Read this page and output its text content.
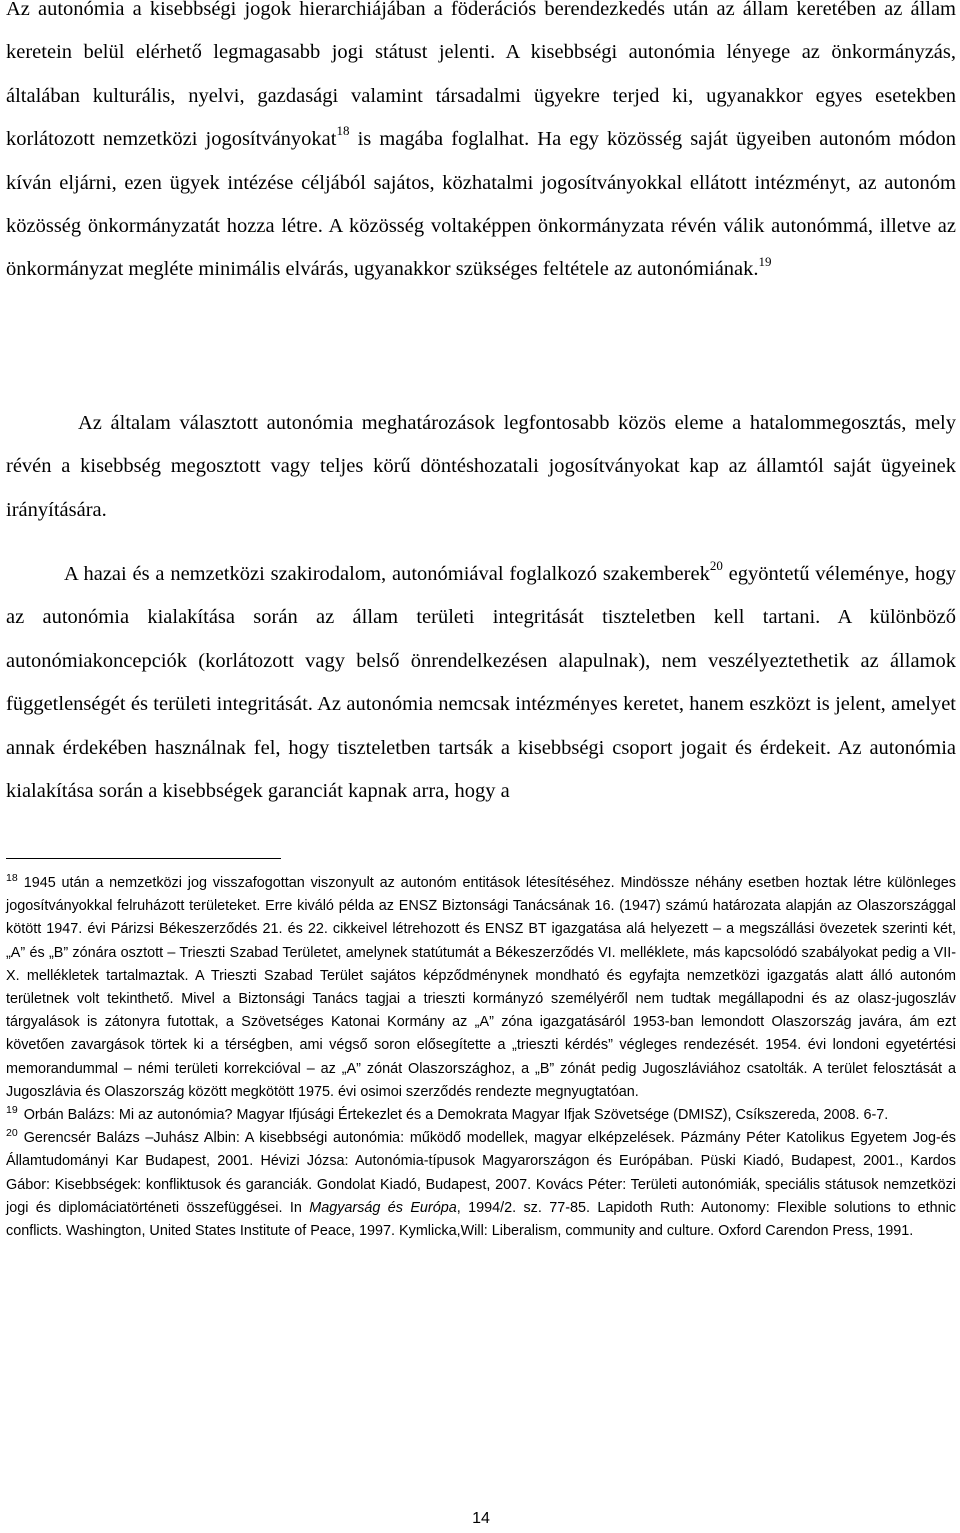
Az autonómia a kisebbségi jogok hierarchiájában a föderációs berendezkedés után az állam keretében az állam keretein belül elérhető legmagasabb jogi státust jelenti. A kisebbségi autonómia lényege az önkormányzás, általában kulturális, nyelvi, gazdasági valamint társadalmi ügyekre terjed ki, ugyanakkor egyes esetekben korlátozott nemzetközi jogosítványokat$^{18}$ is magába foglalhat. Ha egy közösség saját ügyeiben autonóm módon kíván eljárni, ezen ügyek intézése céljából sajátos, közhatalmi jogosítványokkal ellátott intézményt, az autonóm közösség önkormányzatát hozza létre. A közösség voltaképpen önkormányzata révén válik autonómmá, illetve az önkormányzat megléte minimális elvárás, ugyanakkor szükséges feltétele az autonómiának.$^{19}$

Az általam választott autonómia meghatározások legfontosabb közös eleme a hatalommegosztás, mely révén a kisebbség megosztott vagy teljes körű döntéshozatali jogosítványokat kap az államtól saját ügyeinek irányítására.

A hazai és a nemzetközi szakirodalom, autonómiával foglalkozó szakemberek$^{20}$ egyöntetű véleménye, hogy az autonómia kialakítása során az állam területi integritását tiszteletben kell tartani. A különböző autonómiakoncepciók (korlátozott vagy belső önrendelkezésen alapulnak), nem veszélyeztethetik az államok függetlenségét és területi integritását. Az autonómia nemcsak intézményes keretet, hanem eszközt is jelent, amelyet annak érdekében használnak fel, hogy tiszteletben tartsák a kisebbségi csoport jogait és érdekeit. Az autonómia kialakítása során a kisebbségek garanciát kapnak arra, hogy a

$^{18}$ 1945 után a nemzetközi jog visszafogottan viszonyult az autonóm entitások létesítéséhez. Mindössze néhány esetben hoztak létre különleges jogosítványokkal felruházott területeket. Erre kiváló példa az ENSZ Biztonsági Tanácsának 16. (1947) számú határozata alapján az Olaszországgal kötött 1947. évi Párizsi Békeszerződés 21. és 22. cikkeivel létrehozott és ENSZ BT igazgatása alá helyezett – a megszállási övezetek szerinti két, „A” és „B” zónára osztott – Trieszti Szabad Területet, amelynek statútumát a Békeszerződés VI. melléklete, más kapcsolódó szabályokat pedig a VII-X. mellékletek tartalmaztak. A Trieszti Szabad Terület sajátos képződménynek mondható és egyfajta nemzetközi igazgatás alatt álló autonóm területnek volt tekinthető. Mivel a Biztonsági Tanács tagjai a trieszti kormányzó személyéről nem tudtak megállapodni és az olasz-jugoszláv tárgyalások is zátonyra futottak, a Szövetséges Katonai Kormány az „A” zóna igazgatásáról 1953-ban lemondott Olaszország javára, ám ezt követően zavargások törtek ki a térségben, ami végső soron elősegítette a „trieszti kérdés” végleges rendezését. 1954. évi londoni egyetértési memorandummal – némi területi korrekcióval – az „A” zónát Olaszországhoz, a „B” zónát pedig Jugoszláviához csatolták. A terület felosztását a Jugoszlávia és Olaszország között megkötött 1975. évi osimoi szerződés rendezte megnyugtatóan.

$^{19}$ Orbán Balázs: Mi az autonómia? Magyar Ifjúsági Értekezlet és a Demokrata Magyar Ifjak Szövetsége (DMISZ), Csíkszereda, 2008. 6-7.

$^{20}$ Gerencsér Balázs –Juhász Albin: A kisebbségi autonómia: működő modellek, magyar elképzelések. Pázmány Péter Katolikus Egyetem Jog-és Államtudományi Kar Budapest, 2001. Hévizi Józsa: Autonómia-típusok Magyarországon és Európában. Püski Kiadó, Budapest, 2001., Kardos Gábor: Kisebbségek: konfliktusok és garanciák. Gondolat Kiadó, Budapest, 2007. Kovács Péter: Területi autonómiák, speciális státusok nemzetközi jogi és diplomáciatörténeti összefüggései. In Magyarság és Európa, 1994/2. sz. 77-85. Lapidoth Ruth: Autonomy: Flexible solutions to ethnic conflicts. Washington, United States Institute of Peace, 1997. Kymlicka,Will: Liberalism, community and culture. Oxford Carendon Press, 1991.

14
